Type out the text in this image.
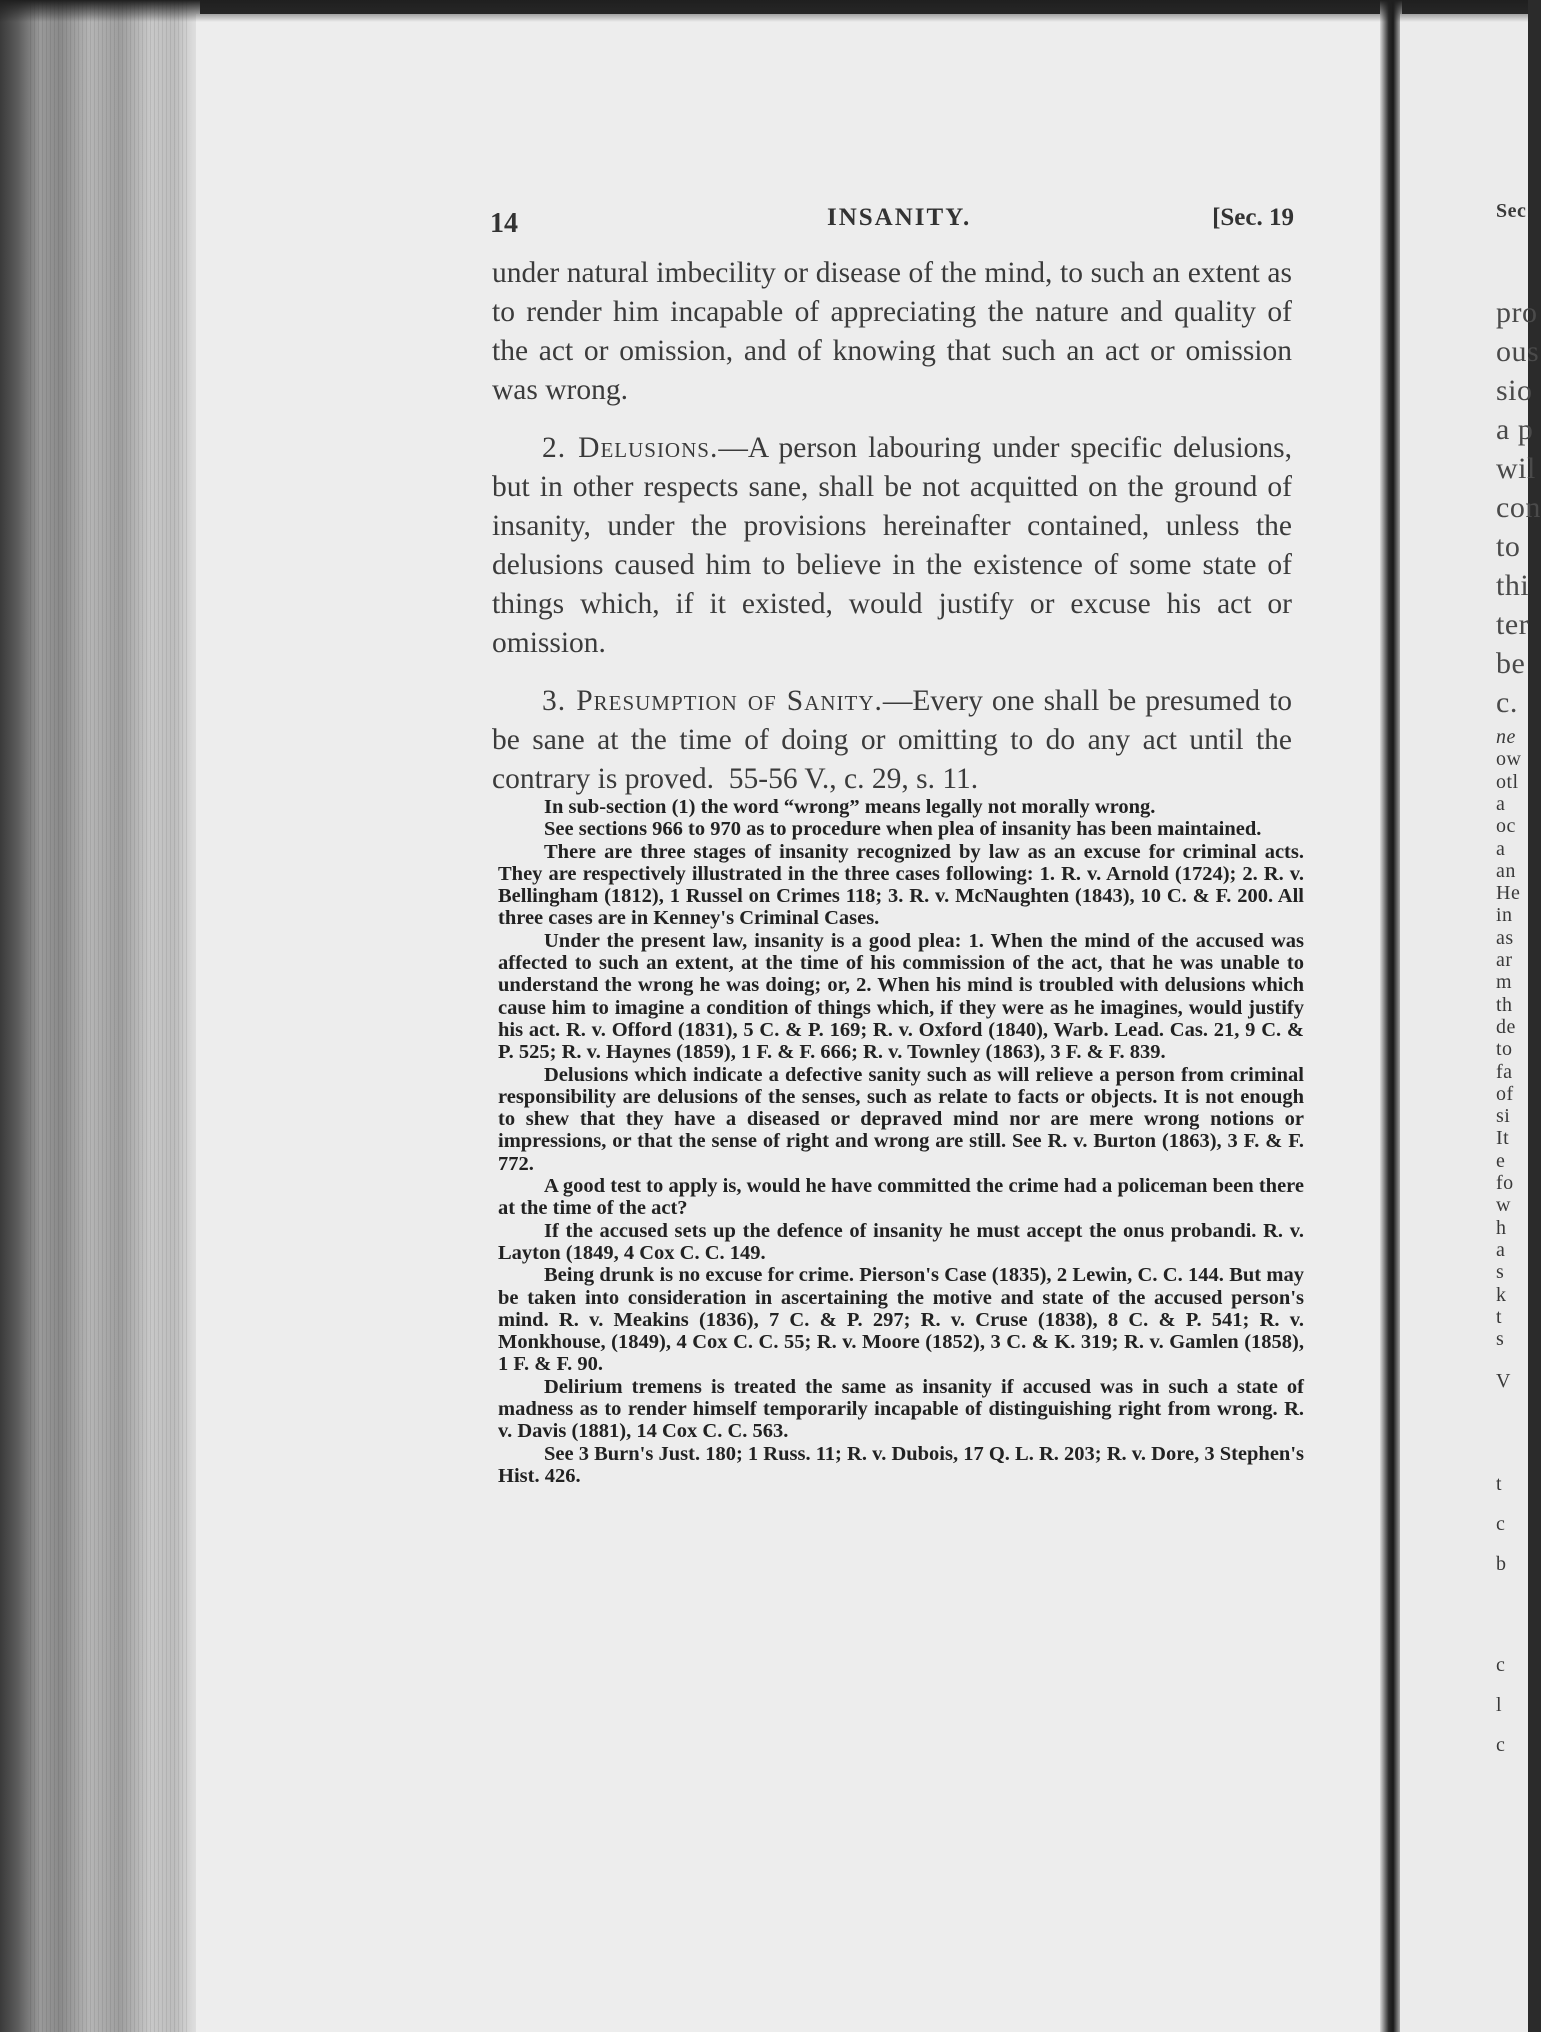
Sec
pro
ous
sio
a p
wil
con
to
thi
ter
be
c.
ne
ow
otl
a
oc
a
an
He
in
as
ar
m
th
de
to
fa
of
si
It
e
fo
w
h
a
s
k
t
s
V
t
c
b
c
l
c
14	INSANITY.	[Sec. 19

under natural imbecility or disease of the mind, to such an extent as to render him incapable of appreciating the nature and quality of the act or omission, and of knowing that such an act or omission was wrong.

2. Delusions.—A person labouring under specific delusions, but in other respects sane, shall be not acquitted on the ground of insanity, under the provisions hereinafter contained, unless the delusions caused him to believe in the existence of some state of things which, if it existed, would justify or excuse his act or omission.

3. Presumption of Sanity.—Every one shall be presumed to be sane at the time of doing or omitting to do any act until the contrary is proved. 55-56 V., c. 29, s. 11.

In sub-section (1) the word “wrong” means legally not morally wrong.

See sections 966 to 970 as to procedure when plea of insanity has been maintained.

There are three stages of insanity recognized by law as an excuse for criminal acts. They are respectively illustrated in the three cases following: 1. R. v. Arnold (1724); 2. R. v. Bellingham (1812), 1 Russel on Crimes 118; 3. R. v. McNaughten (1843), 10 C. & F. 200. All three cases are in Kenney's Criminal Cases.

Under the present law, insanity is a good plea: 1. When the mind of the accused was affected to such an extent, at the time of his commission of the act, that he was unable to understand the wrong he was doing; or, 2. When his mind is troubled with delusions which cause him to imagine a condition of things which, if they were as he imagines, would justify his act. R. v. Offord (1831), 5 C. & P. 169; R. v. Oxford (1840), Warb. Lead. Cas. 21, 9 C. & P. 525; R. v. Haynes (1859), 1 F. & F. 666; R. v. Townley (1863), 3 F. & F. 839.

Delusions which indicate a defective sanity such as will relieve a person from criminal responsibility are delusions of the senses, such as relate to facts or objects. It is not enough to shew that they have a diseased or depraved mind nor are mere wrong notions or impressions, or that the sense of right and wrong are still. See R. v. Burton (1863), 3 F. & F. 772.

A good test to apply is, would he have committed the crime had a policeman been there at the time of the act?

If the accused sets up the defence of insanity he must accept the onus probandi. R. v. Layton (1849, 4 Cox C. C. 149.

Being drunk is no excuse for crime. Pierson's Case (1835), 2 Lewin, C. C. 144. But may be taken into consideration in ascertaining the motive and state of the accused person's mind. R. v. Meakins (1836), 7 C. & P. 297; R. v. Cruse (1838), 8 C. & P. 541; R. v. Monkhouse, (1849), 4 Cox C. C. 55; R. v. Moore (1852), 3 C. & K. 319; R. v. Gamlen (1858), 1 F. & F. 90.

Delirium tremens is treated the same as insanity if accused was in such a state of madness as to render himself temporarily incapable of distinguishing right from wrong. R. v. Davis (1881), 14 Cox C. C. 563.

See 3 Burn's Just. 180; 1 Russ. 11; R. v. Dubois, 17 Q. L. R. 203; R. v. Dore, 3 Stephen's Hist. 426.
